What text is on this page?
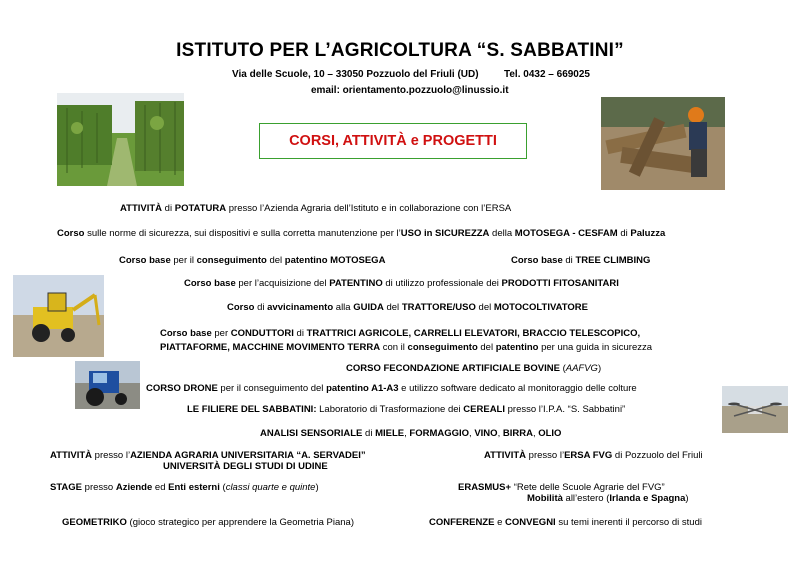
ISTITUTO PER L’AGRICOLTURA “S. SABBATINI”
Via delle Scuole, 10 – 33050 Pozzuolo del Friuli (UD)	Tel. 0432 – 669025
email: orientamento.pozzuolo@linussio.it
CORSI, ATTIVITÀ e PROGETTI
ATTIVITÀ di POTATURA presso l’Azienda Agraria dell’Istituto e in collaborazione con l’ERSA
Corso sulle norme di sicurezza, sui dispositivi e sulla corretta manutenzione per l’USO in SICUREZZA della MOTOSEGA - CESFAM di Paluzza
Corso base per il conseguimento del patentino MOTOSEGA	Corso base di TREE CLIMBING
Corso base per l’acquisizione del PATENTINO di utilizzo professionale dei PRODOTTI FITOSANITARI
Corso di avvicinamento alla GUIDA del TRATTORE/USO del MOTOCOLTIVATORE
Corso base per CONDUTTORI di TRATTRICI AGRICOLE, CARRELLI ELEVATORI, BRACCIO TELESCOPICO,
PIATTAFORME, MACCHINE MOVIMENTO TERRA con il conseguimento del patentino per una guida in sicurezza
CORSO FECONDAZIONE ARTIFICIALE BOVINE (AAFVG)
CORSO DRONE per il conseguimento del patentino A1-A3 e utilizzo software dedicato al monitoraggio delle colture
LE FILIERE DEL SABBATINI: Laboratorio di Trasformazione dei CEREALI presso l’I.P.A. “S. Sabbatini”
ANALISI SENSORIALE di MIELE, FORMAGGIO, VINO, BIRRA, OLIO
ATTIVITÀ presso l’AZIENDA AGRARIA UNIVERSITARIA “A. SERVADEI”
UNIVERSITÀ DEGLI STUDI DI UDINE
ATTIVITÀ presso l’ERSA FVG di Pozzuolo del Friuli
STAGE presso Aziende ed Enti esterni (classi quarte e quinte)	ERASMUS+ “Rete delle Scuole Agrarie del FVG”
Mobilità all’estero (Irlanda e Spagna)
GEOMETRIKO (gioco strategico per apprendere la Geometria Piana)	CONFERENZE e CONVEGNI su temi inerenti il percorso di studi
